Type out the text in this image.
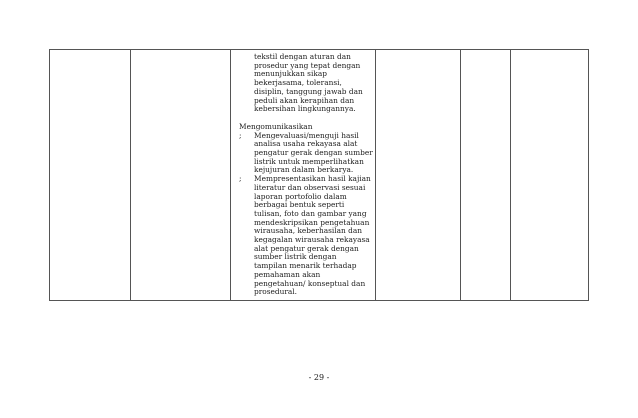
tekstil dengan aturan dan
prosedur yang tepat dengan
menunjukkan sikap
bekerjasama, toleransi,
disiplin, tanggung jawab dan
peduli akan kerapihan dan
kebersihan lingkungannya.
Mengomunikasikan
; Mengevaluasi/menguji hasil
analisa usaha rekayasa alat
pengatur gerak dengan sumber
listrik untuk memperlihatkan
kejujuran dalam berkarya.
; Mempresentasikan hasil kajian
literatur dan observasi sesuai
laporan portofolio dalam
berbagai bentuk seperti
tulisan, foto dan gambar yang
mendeskripsikan pengetahuan
wirausaha, keberhasilan dan
kegagalan wirausaha rekayasa
alat pengatur gerak dengan
sumber listrik dengan
tampilan menarik terhadap
pemahaman akan
pengetahuan/ konseptual dan
prosedural.
- 29 -
